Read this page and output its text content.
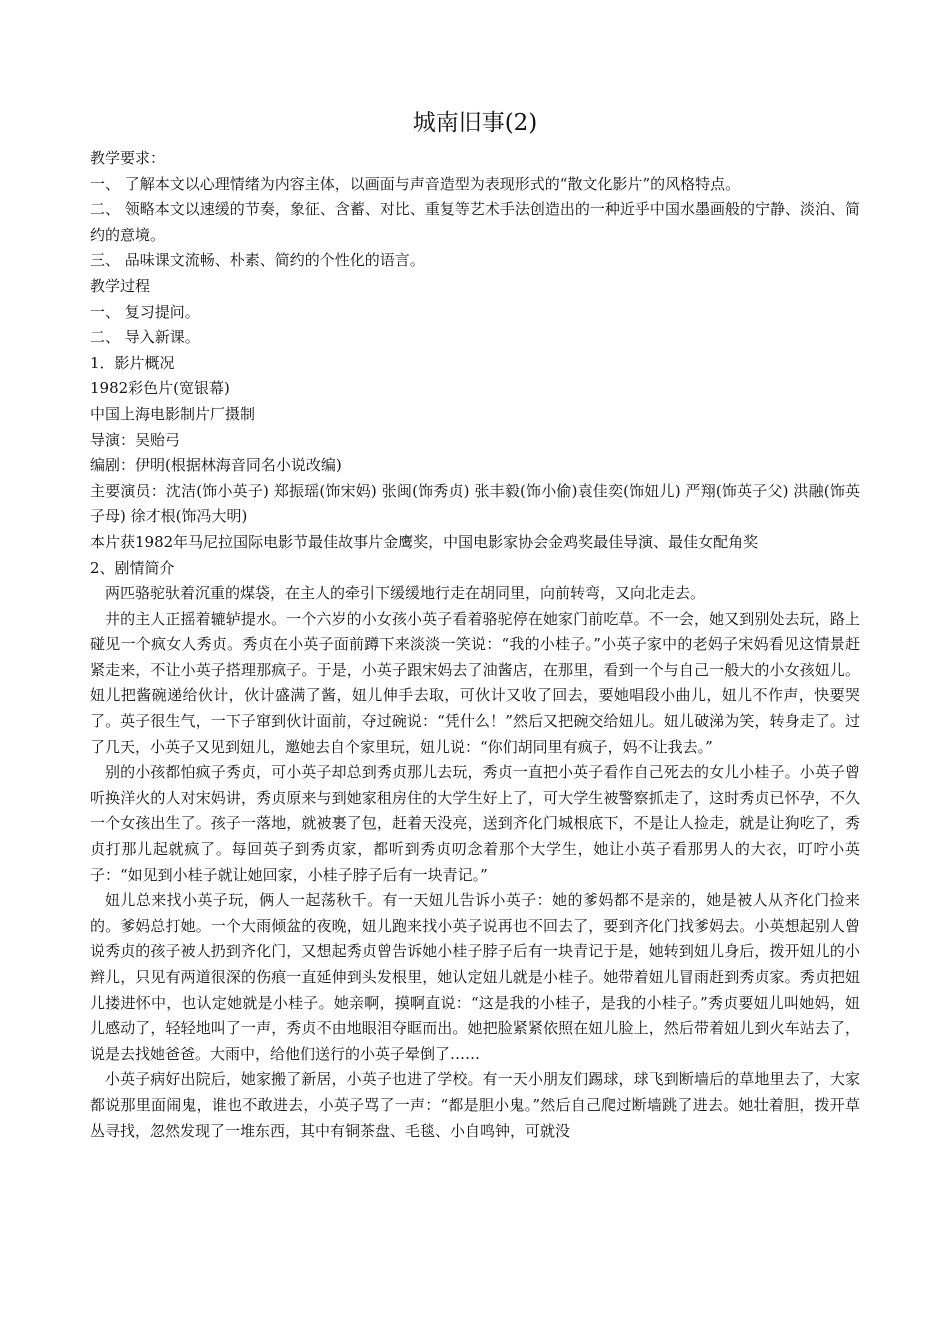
城南旧事(2)

教学要求：

一、 了解本文以心理情绪为内容主体，以画面与声音造型为表现形式的“散文化影片”的风格特点。

二、 领略本文以速缓的节奏，象征、含蓄、对比、重复等艺术手法创造出的一种近乎中国水墨画般的宁静、淡泊、简约的意境。

三、 品味课文流畅、朴素、简约的个性化的语言。

教学过程

一、 复习提问。

二、 导入新课。

1．影片概况

1982彩色片(宽银幕)

中国上海电影制片厂摄制

导演：吴贻弓

编剧：伊明(根据林海音同名小说改编)

主要演员：沈洁(饰小英子) 郑振瑶(饰宋妈) 张闽(饰秀贞) 张丰毅(饰小偷)袁佳奕(饰妞儿) 严翔(饰英子父) 洪融(饰英子母) 徐才根(饰冯大明)

本片获1982年马尼拉国际电影节最佳故事片金鹰奖，中国电影家协会金鸡奖最佳导演、最佳女配角奖

2、剧情简介

两匹骆驼驮着沉重的煤袋，在主人的牵引下缓缓地行走在胡同里，向前转弯，又向北走去。

井的主人正摇着辘轳提水。一个六岁的小女孩小英子看着骆驼停在她家门前吃草。不一会，她又到别处去玩，路上碰见一个疯女人秀贞。秀贞在小英子面前蹲下来淡淡一笑说：“我的小桂子。”小英子家中的老妈子宋妈看见这情景赶紧走来，不让小英子搭理那疯子。于是，小英子跟宋妈去了油酱店，在那里，看到一个与自己一般大的小女孩妞儿。妞儿把酱碗递给伙计，伙计盛满了酱，妞儿伸手去取，可伙计又收了回去，要她唱段小曲儿，妞儿不作声，快要哭了。英子很生气，一下子窜到伙计面前，夺过碗说：“凭什么！”然后又把碗交给妞儿。妞儿破涕为笑，转身走了。过了几天，小英子又见到妞儿，邀她去自个家里玩，妞儿说：“你们胡同里有疯子，妈不让我去。”

别的小孩都怕疯子秀贞，可小英子却总到秀贞那儿去玩，秀贞一直把小英子看作自己死去的女儿小桂子。小英子曾听换洋火的人对宋妈讲，秀贞原来与到她家租房住的大学生好上了，可大学生被警察抓走了，这时秀贞已怀孕，不久一个女孩出生了。孩子一落地，就被裹了包，赶着天没亮，送到齐化门城根底下，不是让人捡走，就是让狗吃了，秀贞打那儿起就疯了。每回英子到秀贞家，都听到秀贞叨念着那个大学生，她让小英子看那男人的大衣，叮咛小英子：“如见到小桂子就让她回家，小桂子脖子后有一块青记。”

妞儿总来找小英子玩，俩人一起荡秋千。有一天妞儿告诉小英子：她的爹妈都不是亲的，她是被人从齐化门捡来的。爹妈总打她。一个大雨倾盆的夜晚，妞儿跑来找小英子说再也不回去了，要到齐化门找爹妈去。小英想起别人曾说秀贞的孩子被人扔到齐化门，又想起秀贞曾告诉她小桂子脖子后有一块青记于是，她转到妞儿身后，拨开妞儿的小辫儿，只见有两道很深的伤痕一直延伸到头发根里，她认定妞儿就是小桂子。她带着妞儿冒雨赶到秀贞家。秀贞把妞儿搂进怀中，也认定她就是小桂子。她亲啊，摸啊直说：“这是我的小桂子，是我的小桂子。”秀贞要妞儿叫她妈，妞儿感动了，轻轻地叫了一声，秀贞不由地眼泪夺眶而出。她把脸紧紧依照在妞儿脸上，然后带着妞儿到火车站去了，说是去找她爸爸。大雨中，给他们送行的小英子晕倒了……

小英子病好出院后，她家搬了新居，小英子也进了学校。有一天小朋友们踢球，球飞到断墙后的草地里去了，大家都说那里面闹鬼，谁也不敢进去，小英子骂了一声：“都是胆小鬼。”然后自己爬过断墙跳了进去。她壮着胆，拨开草丛寻找，忽然发现了一堆东西，其中有铜茶盘、毛毯、小自鸣钟，可就没
